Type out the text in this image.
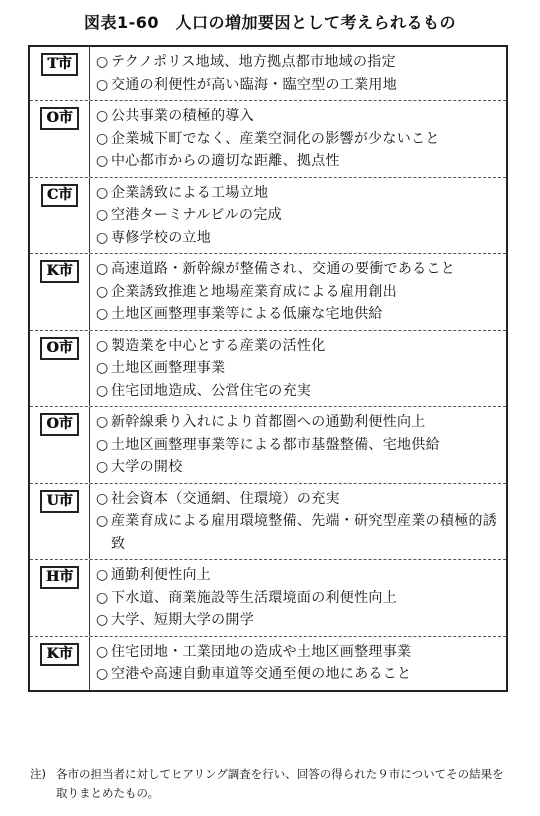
図表1-60　人口の増加要因として考えられるもの
T市	○ テクノポリス地域、地方拠点都市地域の指定
○ 交通の利便性が高い臨海・臨空型の工業用地
O市	○ 公共事業の積極的導入
○ 企業城下町でなく、産業空洞化の影響が少ないこと
○ 中心都市からの適切な距離、拠点性
C市	○ 企業誘致による工場立地
○ 空港ターミナルビルの完成
○ 専修学校の立地
K市	○ 高速道路・新幹線が整備され、交通の要衝であること
○ 企業誘致推進と地場産業育成による雇用創出
○ 土地区画整理事業等による低廉な宅地供給
O市	○ 製造業を中心とする産業の活性化
○ 土地区画整理事業
○ 住宅団地造成、公営住宅の充実
O市	○ 新幹線乗り入れにより首都圏への通勤利便性向上
○ 土地区画整理事業等による都市基盤整備、宅地供給
○ 大学の開校
U市	○ 社会資本（交通網、住環境）の充実
○ 産業育成による雇用環境整備、先端・研究型産業の積極的誘致
H市	○ 通勤利便性向上
○ 下水道、商業施設等生活環境面の利便性向上
○ 大学、短期大学の開学
K市	○ 住宅団地・工業団地の造成や土地区画整理事業
○ 空港や高速自動車道等交通至便の地にあること
注) 各市の担当者に対してヒアリング調査を行い、回答の得られた９市についてその結果を取りまとめたもの。
